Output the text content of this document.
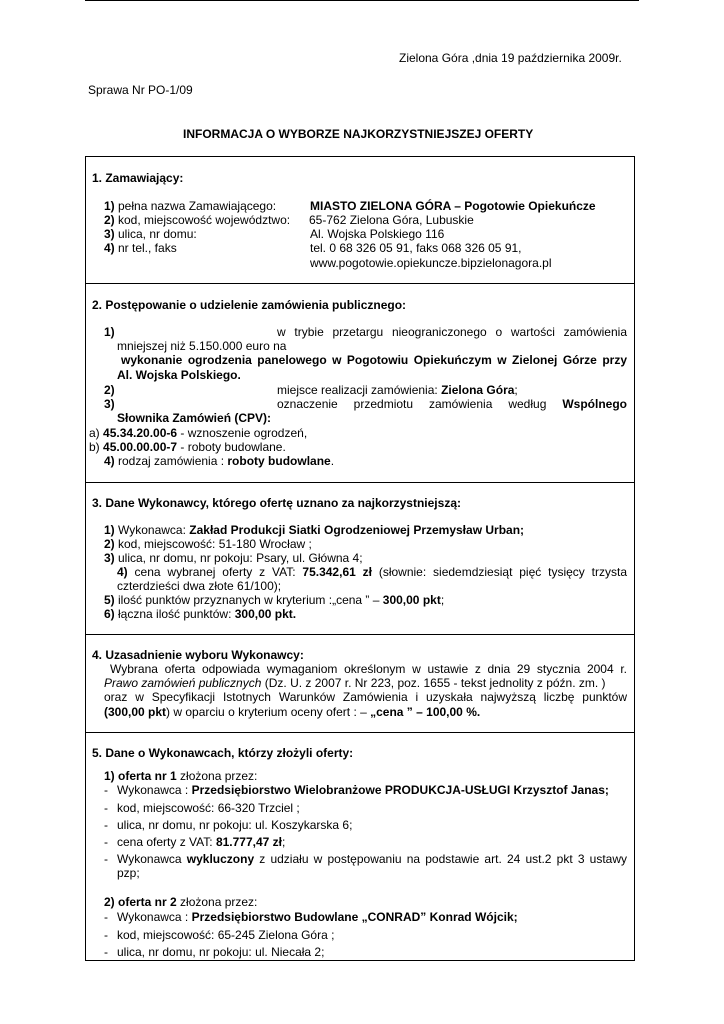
Zielona Góra ,dnia 19 października 2009r.
Sprawa Nr PO-1/09
INFORMACJA O WYBORZE NAJKORZYSTNIEJSZEJ OFERTY
1. Zamawiający:
1) pełna nazwa Zamawiającego:	MIASTO ZIELONA GÓRA – Pogotowie Opiekuńcze
2) kod, miejscowość województwo: 65-762 Zielona Góra, Lubuskie
3) ulica, nr domu:	Al. Wojska Polskiego 116
4) nr tel., faks	tel. 0 68 326 05 91, faks 068 326 05 91,
www.pogotowie.opiekuncze.bipzielonagora.pl
2. Postępowanie o udzielenie zamówienia publicznego:
1)	w trybie przetargu nieograniczonego o wartości zamówienia
mniejszej niż 5.150.000 euro na
wykonanie ogrodzenia panelowego w Pogotowiu Opiekuńczym w Zielonej Górze przy
Al. Wojska Polskiego.
2)	miejsce realizacji zamówienia: Zielona Góra;
3)	oznaczenie przedmiotu zamówienia według Wspólnego
Słownika Zamówień (CPV):
a) 45.34.20.00-6 - wznoszenie ogrodzeń,
b) 45.00.00.00-7 - roboty budowlane.
4) rodzaj zamówienia : roboty budowlane.
3. Dane Wykonawcy, którego ofertę uznano za najkorzystniejszą:
1) Wykonawca: Zakład Produkcji Siatki Ogrodzeniowej Przemysław Urban;
2) kod, miejscowość: 51-180 Wrocław ;
3) ulica, nr domu, nr pokoju: Psary, ul. Główna 4;
4) cena wybranej oferty z VAT: 75.342,61 zł (słownie: siedemdziesiąt pięć tysięcy trzysta
czterdzieści dwa złote 61/100);
5) ilość punktów przyznanych w kryterium :„cena ” – 300,00 pkt;
6) łączna ilość punktów: 300,00 pkt.
4. Uzasadnienie wyboru Wykonawcy:
Wybrana oferta odpowiada wymaganiom określonym w ustawie z dnia 29 stycznia 2004 r.
Prawo zamówień publicznych (Dz. U. z 2007 r. Nr 223, poz. 1655 - tekst jednolity z późn. zm. )
oraz w Specyfikacji Istotnych Warunków Zamówienia i uzyskała najwyższą liczbę punktów
(300,00 pkt) w oparciu o kryterium oceny ofert : – „cena ” – 100,00 %.
5. Dane o Wykonawcach, którzy złożyli oferty:
1) oferta nr 1 złożona przez:
- Wykonawca : Przedsiębiorstwo Wielobranżowe PRODUKCJA-USŁUGI Krzysztof Janas;
- kod, miejscowość: 66-320 Trzciel ;
- ulica, nr domu, nr pokoju: ul. Koszykarska 6;
- cena oferty z VAT: 81.777,47 zł;
- Wykonawca wykluczony z udziału w postępowaniu na podstawie art. 24 ust.2 pkt 3 ustawy
pzp;
2) oferta nr 2 złożona przez:
- Wykonawca : Przedsiębiorstwo Budowlane „CONRAD” Konrad Wójcik;
- kod, miejscowość: 65-245 Zielona Góra ;
- ulica, nr domu, nr pokoju: ul. Niecała 2;
